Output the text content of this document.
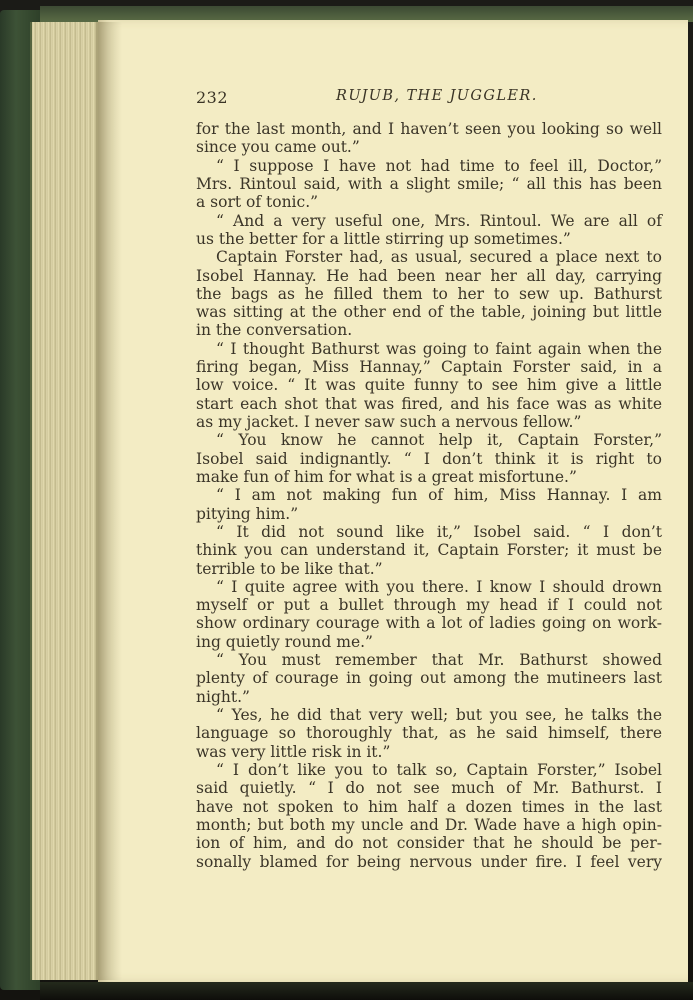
232	RUJUB, THE JUGGLER.
for the last month, and I haven’t seen you looking so well
since you came out.”
“ I suppose I have not had time to feel ill, Doctor,”
Mrs. Rintoul said, with a slight smile; “ all this has been
a sort of tonic.”
“ And a very useful one, Mrs. Rintoul. We are all of
us the better for a little stirring up sometimes.”
Captain Forster had, as usual, secured a place next to
Isobel Hannay. He had been near her all day, carrying
the bags as he filled them to her to sew up. Bathurst
was sitting at the other end of the table, joining but little
in the conversation.
“ I thought Bathurst was going to faint again when the
firing began, Miss Hannay,” Captain Forster said, in a
low voice. “ It was quite funny to see him give a little
start each shot that was fired, and his face was as white
as my jacket. I never saw such a nervous fellow.”
“ You know he cannot help it, Captain Forster,”
Isobel said indignantly. “ I don’t think it is right to
make fun of him for what is a great misfortune.”
“ I am not making fun of him, Miss Hannay. I am
pitying him.”
“ It did not sound like it,” Isobel said. “ I don’t
think you can understand it, Captain Forster; it must be
terrible to be like that.”
“ I quite agree with you there. I know I should drown
myself or put a bullet through my head if I could not
show ordinary courage with a lot of ladies going on work-
ing quietly round me.”
“ You must remember that Mr. Bathurst showed
plenty of courage in going out among the mutineers last
night.”
“ Yes, he did that very well; but you see, he talks the
language so thoroughly that, as he said himself, there
was very little risk in it.”
“ I don’t like you to talk so, Captain Forster,” Isobel
said quietly. “ I do not see much of Mr. Bathurst. I
have not spoken to him half a dozen times in the last
month; but both my uncle and Dr. Wade have a high opin-
ion of him, and do not consider that he should be per-
sonally blamed for being nervous under fire. I feel very
